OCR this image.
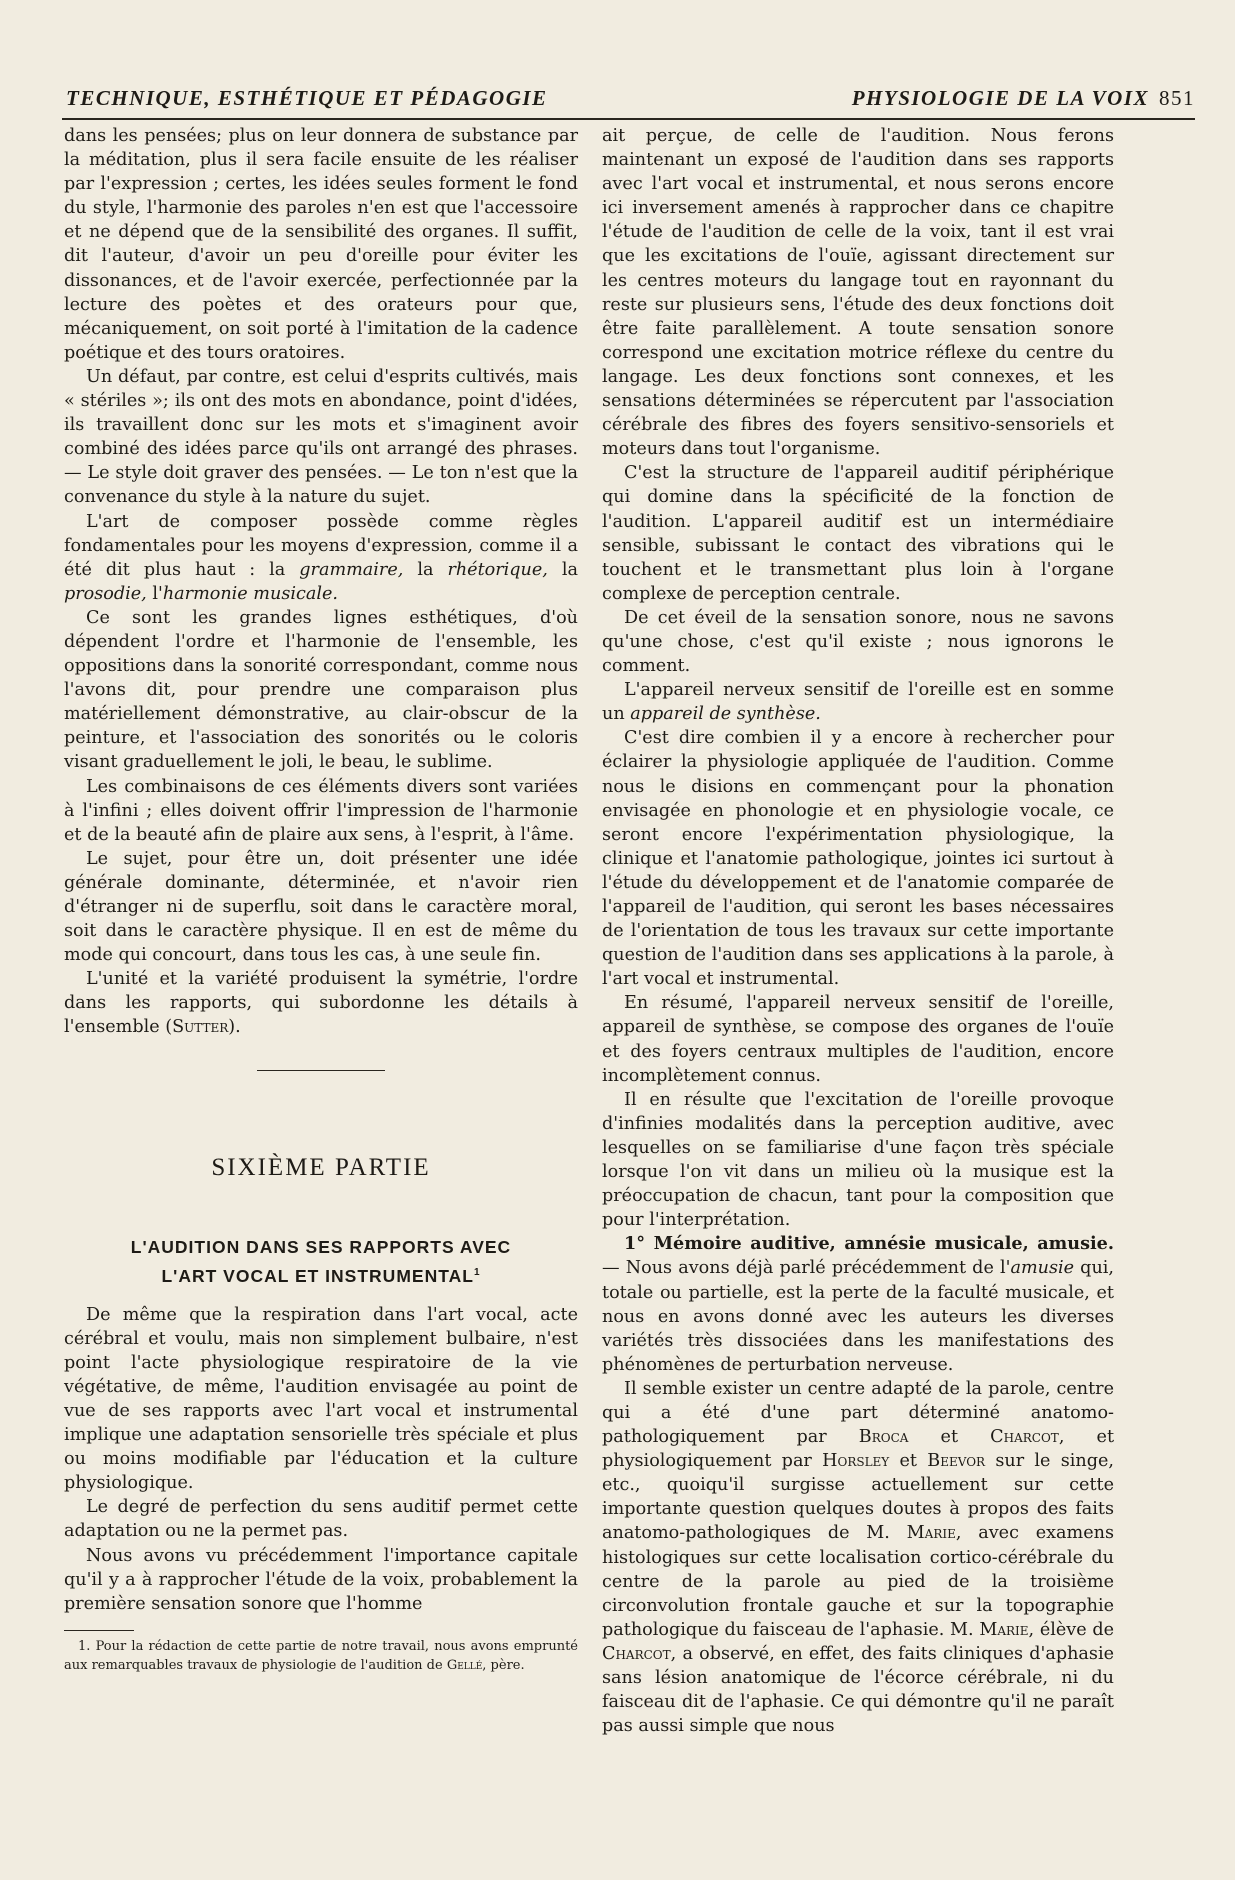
TECHNIQUE, ESTHÉTIQUE ET PÉDAGOGIE	PHYSIOLOGIE DE LA VOIX 851

dans les pensées; plus on leur donnera de substance par la méditation, plus il sera facile ensuite de les réaliser par l'expression ; certes, les idées seules forment le fond du style, l'harmonie des paroles n'en est que l'accessoire et ne dépend que de la sensibilité des organes. Il suffit, dit l'auteur, d'avoir un peu d'oreille pour éviter les dissonances, et de l'avoir exercée, perfectionnée par la lecture des poètes et des orateurs pour que, mécaniquement, on soit porté à l'imitation de la cadence poétique et des tours oratoires.

Un défaut, par contre, est celui d'esprits cultivés, mais « stériles »; ils ont des mots en abondance, point d'idées, ils travaillent donc sur les mots et s'imaginent avoir combiné des idées parce qu'ils ont arrangé des phrases. — Le style doit graver des pensées. — Le ton n'est que la convenance du style à la nature du sujet.

L'art de composer possède comme règles fondamentales pour les moyens d'expression, comme il a été dit plus haut : la grammaire, la rhétorique, la prosodie, l'harmonie musicale.

Ce sont les grandes lignes esthétiques, d'où dépendent l'ordre et l'harmonie de l'ensemble, les oppositions dans la sonorité correspondant, comme nous l'avons dit, pour prendre une comparaison plus matériellement démonstrative, au clair-obscur de la peinture, et l'association des sonorités ou le coloris visant graduellement le joli, le beau, le sublime.

Les combinaisons de ces éléments divers sont variées à l'infini ; elles doivent offrir l'impression de l'harmonie et de la beauté afin de plaire aux sens, à l'esprit, à l'âme.

Le sujet, pour être un, doit présenter une idée générale dominante, déterminée, et n'avoir rien d'étranger ni de superflu, soit dans le caractère moral, soit dans le caractère physique. Il en est de même du mode qui concourt, dans tous les cas, à une seule fin.

L'unité et la variété produisent la symétrie, l'ordre dans les rapports, qui subordonne les détails à l'ensemble (Sutter).

SIXIÈME PARTIE
L'AUDITION DANS SES RAPPORTS AVEC
L'ART VOCAL ET INSTRUMENTAL$^1$

De même que la respiration dans l'art vocal, acte cérébral et voulu, mais non simplement bulbaire, n'est point l'acte physiologique respiratoire de la vie végétative, de même, l'audition envisagée au point de vue de ses rapports avec l'art vocal et instrumental implique une adaptation sensorielle très spéciale et plus ou moins modifiable par l'éducation et la culture physiologique.

Le degré de perfection du sens auditif permet cette adaptation ou ne la permet pas.

Nous avons vu précédemment l'importance capitale qu'il y a à rapprocher l'étude de la voix, probablement la première sensation sonore que l'homme

1. Pour la rédaction de cette partie de notre travail, nous avons emprunté aux remarquables travaux de physiologie de l'audition de Gellé, père.

ait perçue, de celle de l'audition. Nous ferons maintenant un exposé de l'audition dans ses rapports avec l'art vocal et instrumental, et nous serons encore ici inversement amenés à rapprocher dans ce chapitre l'étude de l'audition de celle de la voix, tant il est vrai que les excitations de l'ouïe, agissant directement sur les centres moteurs du langage tout en rayonnant du reste sur plusieurs sens, l'étude des deux fonctions doit être faite parallèlement. A toute sensation sonore correspond une excitation motrice réflexe du centre du langage. Les deux fonctions sont connexes, et les sensations déterminées se répercutent par l'association cérébrale des fibres des foyers sensitivo-sensoriels et moteurs dans tout l'organisme.

C'est la structure de l'appareil auditif périphérique qui domine dans la spécificité de la fonction de l'audition. L'appareil auditif est un intermédiaire sensible, subissant le contact des vibrations qui le touchent et le transmettant plus loin à l'organe complexe de perception centrale.

De cet éveil de la sensation sonore, nous ne savons qu'une chose, c'est qu'il existe ; nous ignorons le comment.

L'appareil nerveux sensitif de l'oreille est en somme un appareil de synthèse.

C'est dire combien il y a encore à rechercher pour éclairer la physiologie appliquée de l'audition. Comme nous le disions en commençant pour la phonation envisagée en phonologie et en physiologie vocale, ce seront encore l'expérimentation physiologique, la clinique et l'anatomie pathologique, jointes ici surtout à l'étude du développement et de l'anatomie comparée de l'appareil de l'audition, qui seront les bases nécessaires de l'orientation de tous les travaux sur cette importante question de l'audition dans ses applications à la parole, à l'art vocal et instrumental.

En résumé, l'appareil nerveux sensitif de l'oreille, appareil de synthèse, se compose des organes de l'ouïe et des foyers centraux multiples de l'audition, encore incomplètement connus.

Il en résulte que l'excitation de l'oreille provoque d'infinies modalités dans la perception auditive, avec lesquelles on se familiarise d'une façon très spéciale lorsque l'on vit dans un milieu où la musique est la préoccupation de chacun, tant pour la composition que pour l'interprétation.

1° Mémoire auditive, amnésie musicale, amusie. — Nous avons déjà parlé précédemment de l'amusie qui, totale ou partielle, est la perte de la faculté musicale, et nous en avons donné avec les auteurs les diverses variétés très dissociées dans les manifestations des phénomènes de perturbation nerveuse.

Il semble exister un centre adapté de la parole, centre qui a été d'une part déterminé anatomo-pathologiquement par Broca et Charcot, et physiologiquement par Horsley et Beevor sur le singe, etc., quoiqu'il surgisse actuellement sur cette importante question quelques doutes à propos des faits anatomo-pathologiques de M. Marie, avec examens histologiques sur cette localisation cortico-cérébrale du centre de la parole au pied de la troisième circonvolution frontale gauche et sur la topographie pathologique du faisceau de l'aphasie. M. Marie, élève de Charcot, a observé, en effet, des faits cliniques d'aphasie sans lésion anatomique de l'écorce cérébrale, ni du faisceau dit de l'aphasie. Ce qui démontre qu'il ne paraît pas aussi simple que nous
